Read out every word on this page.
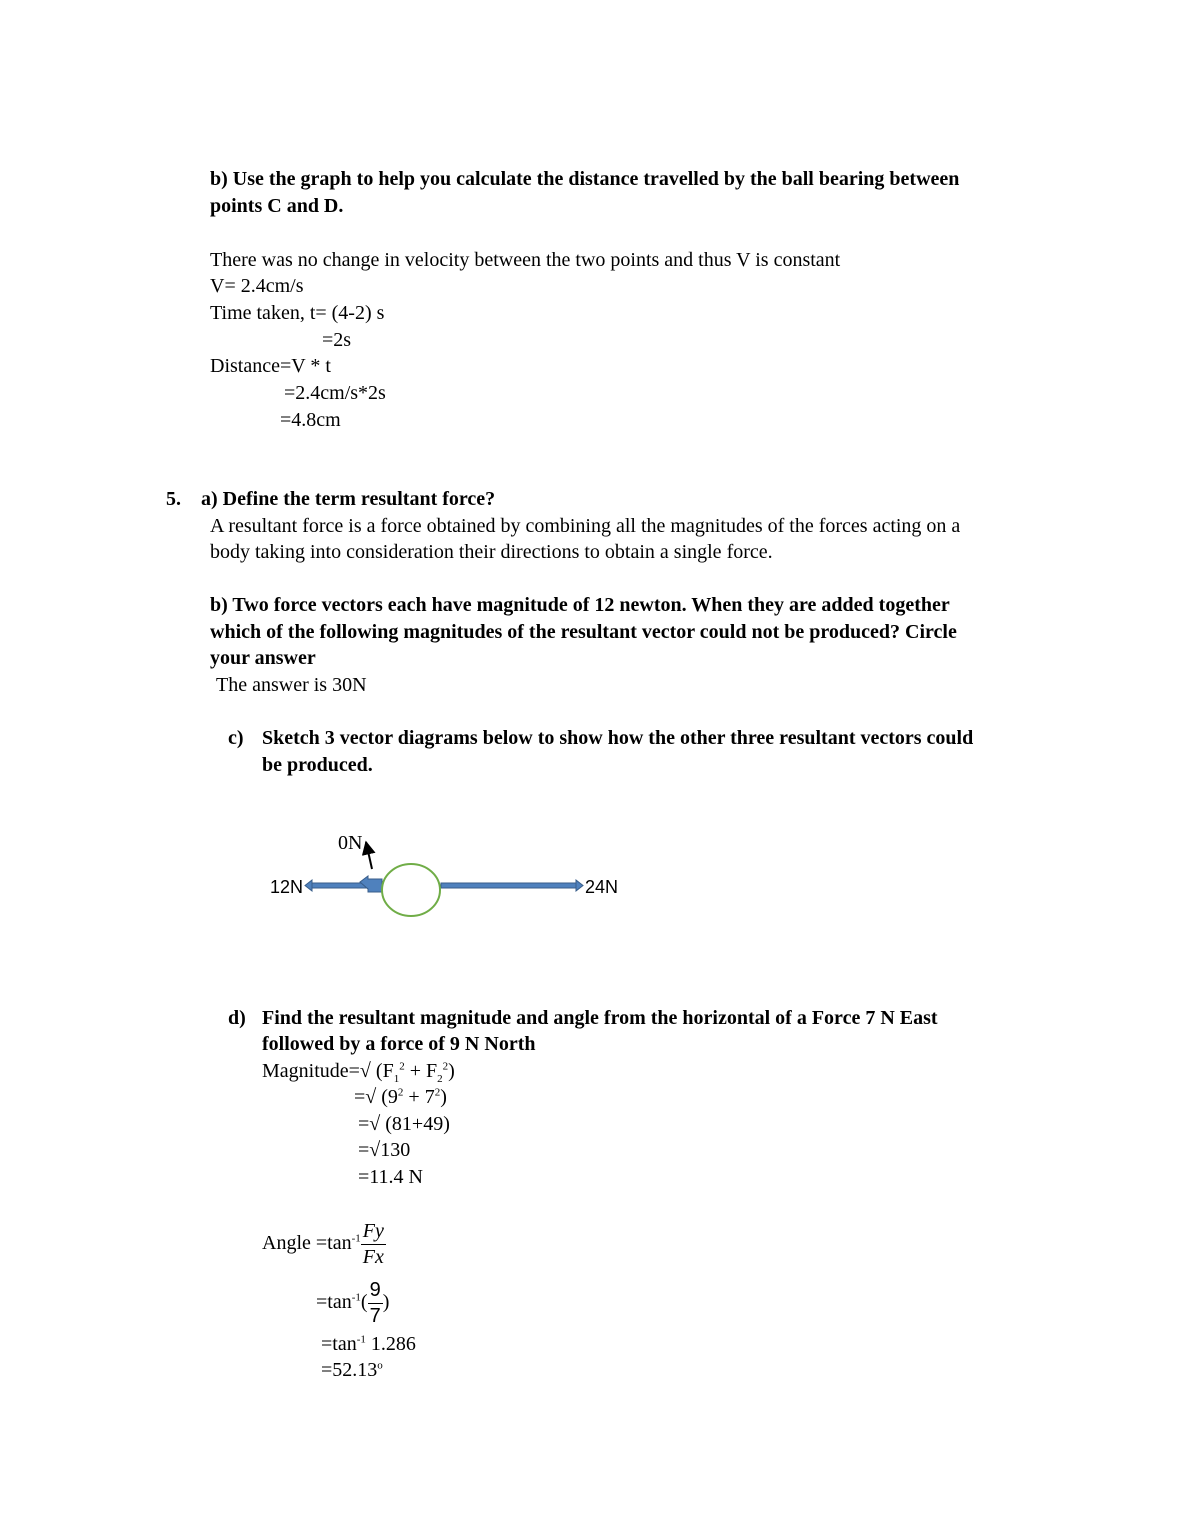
b) Use the graph to help you calculate the distance travelled by the ball bearing between
points C and D.
There was no change in velocity between the two points and thus V is constant
V= 2.4cm/s
Time taken, t= (4-2) s
=2s
Distance=V * t
=2.4cm/s*2s
=4.8cm
5. a) Define the term resultant force?
A resultant force is a force obtained by combining all the magnitudes of the forces acting on a
body taking into consideration their directions to obtain a single force.
b) Two force vectors each have magnitude of 12 newton. When they are added together
which of the following magnitudes of the resultant vector could not be produced? Circle
your answer
The answer is 30N
c) Sketch 3 vector diagrams below to show how the other three resultant vectors could
be produced.
0N
12N	24N
d) Find the resultant magnitude and angle from the horizontal of a Force 7 N East
followed by a force of 9 N North
Magnitude=√ $(F_1^2 + F_2^2)$
=√ $(9^2 + 7^2)$
=√ (81+49)
=√130
=11.4 N
Angle $=\tan^{-1} \frac{Fy}{Fx}$
$=\tan^{-1}( \frac{9}{7}$ )
$=\tan^{-1}$ 1.286
$=52.13^o$
